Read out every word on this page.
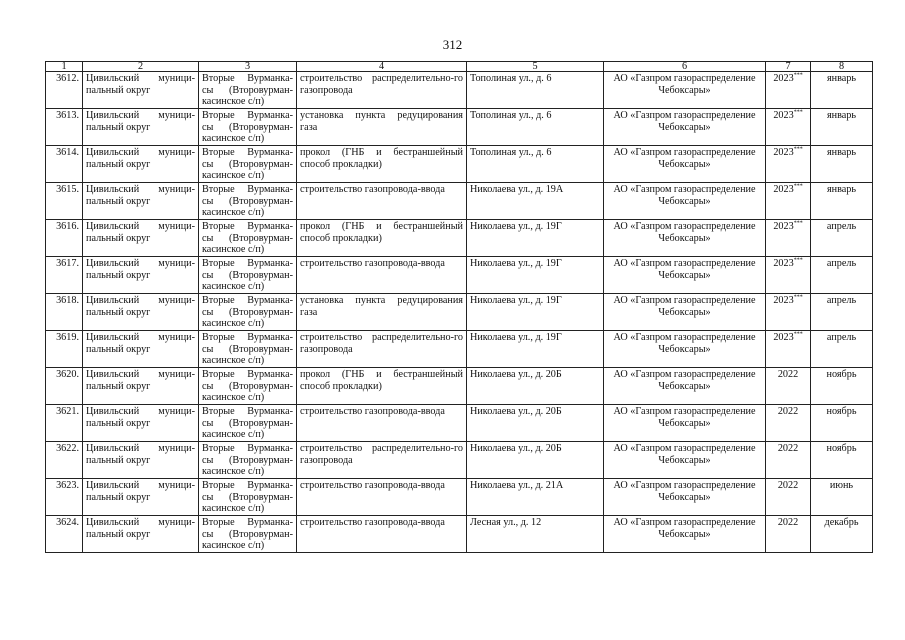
312
1	2	3	4	5	6	7	8
3612.	Цивильский муници-пальный округ	Вторые Вурманка-сы (Второвурман-касинское с/п)	строительство распределительно-го газопровода	Тополиная ул., д. 6	АО «Газпром газораспределение Чебоксары»	2023***	январь
3613.	Цивильский муници-пальный округ	Вторые Вурманка-сы (Второвурман-касинское с/п)	установка пункта редуцирования газа	Тополиная ул., д. 6	АО «Газпром газораспределение Чебоксары»	2023***	январь
3614.	Цивильский муници-пальный округ	Вторые Вурманка-сы (Второвурман-касинское с/п)	прокол (ГНБ и бестраншейный способ прокладки)	Тополиная ул., д. 6	АО «Газпром газораспределение Чебоксары»	2023***	январь
3615.	Цивильский муници-пальный округ	Вторые Вурманка-сы (Второвурман-касинское с/п)	строительство газопровода-ввода	Николаева ул., д. 19А	АО «Газпром газораспределение Чебоксары»	2023***	январь
3616.	Цивильский муници-пальный округ	Вторые Вурманка-сы (Второвурман-касинское с/п)	прокол (ГНБ и бестраншейный способ прокладки)	Николаева ул., д. 19Г	АО «Газпром газораспределение Чебоксары»	2023***	апрель
3617.	Цивильский муници-пальный округ	Вторые Вурманка-сы (Второвурман-касинское с/п)	строительство газопровода-ввода	Николаева ул., д. 19Г	АО «Газпром газораспределение Чебоксары»	2023***	апрель
3618.	Цивильский муници-пальный округ	Вторые Вурманка-сы (Второвурман-касинское с/п)	установка пункта редуцирования газа	Николаева ул., д. 19Г	АО «Газпром газораспределение Чебоксары»	2023***	апрель
3619.	Цивильский муници-пальный округ	Вторые Вурманка-сы (Второвурман-касинское с/п)	строительство распределительно-го газопровода	Николаева ул., д. 19Г	АО «Газпром газораспределение Чебоксары»	2023***	апрель
3620.	Цивильский муници-пальный округ	Вторые Вурманка-сы (Второвурман-касинское с/п)	прокол (ГНБ и бестраншейный способ прокладки)	Николаева ул., д. 20Б	АО «Газпром газораспределение Чебоксары»	2022	ноябрь
3621.	Цивильский муници-пальный округ	Вторые Вурманка-сы (Второвурман-касинское с/п)	строительство газопровода-ввода	Николаева ул., д. 20Б	АО «Газпром газораспределение Чебоксары»	2022	ноябрь
3622.	Цивильский муници-пальный округ	Вторые Вурманка-сы (Второвурман-касинское с/п)	строительство распределительно-го газопровода	Николаева ул., д. 20Б	АО «Газпром газораспределение Чебоксары»	2022	ноябрь
3623.	Цивильский муници-пальный округ	Вторые Вурманка-сы (Второвурман-касинское с/п)	строительство газопровода-ввода	Николаева ул., д. 21А	АО «Газпром газораспределение Чебоксары»	2022	июнь
3624.	Цивильский муници-пальный округ	Вторые Вурманка-сы (Второвурман-касинское с/п)	строительство газопровода-ввода	Лесная ул., д. 12	АО «Газпром газораспределение Чебоксары»	2022	декабрь
